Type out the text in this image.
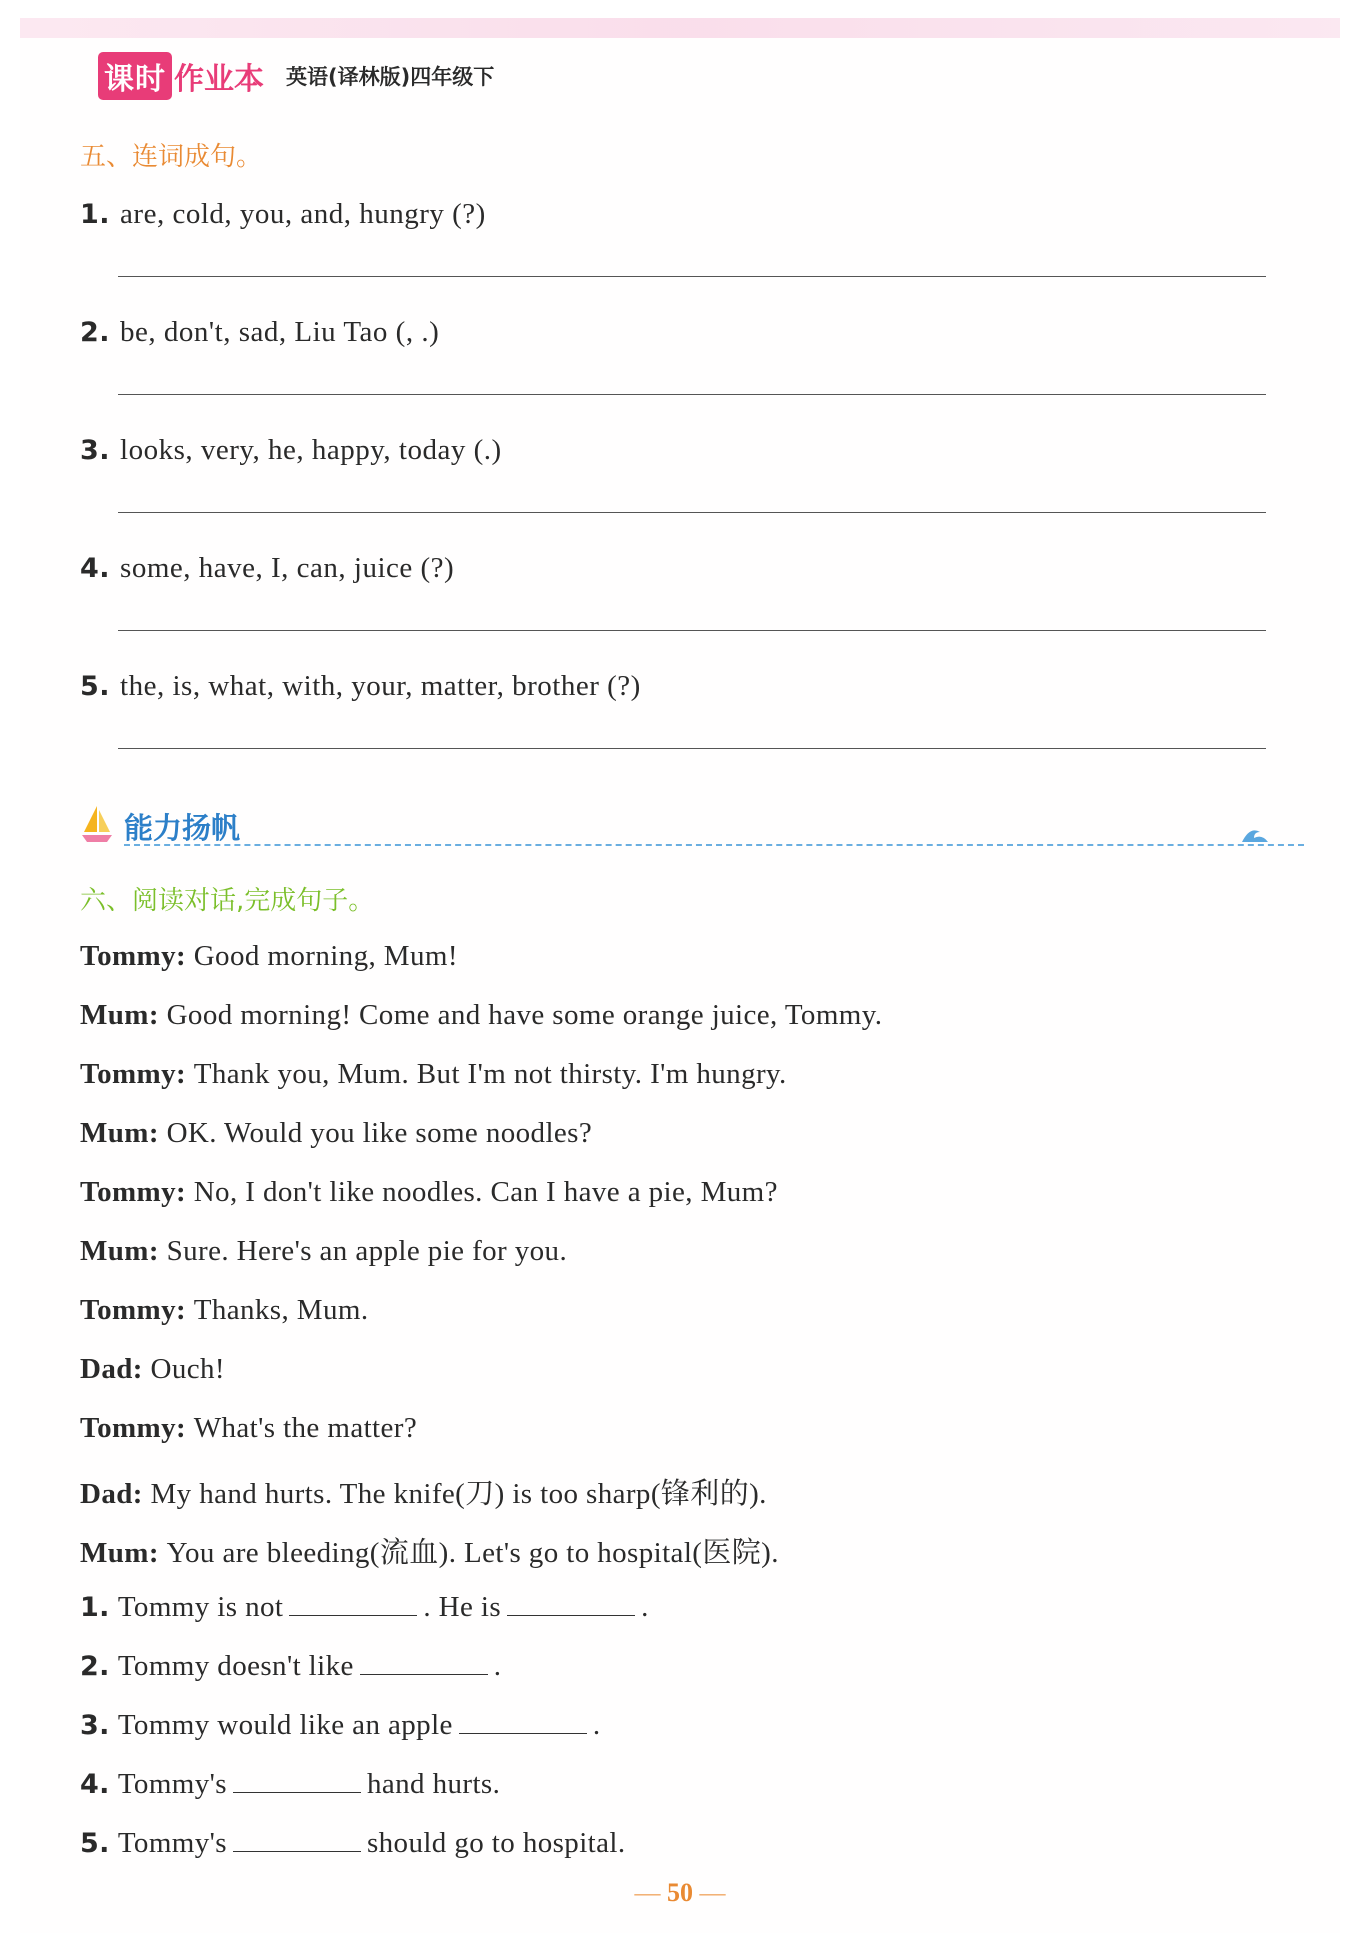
课时 作业本 英语(译林版)四年级下
五、连词成句。
1. are, cold, you, and, hungry (?)
2. be, don't, sad, Liu Tao (, .)
3. looks, very, he, happy, today (.)
4. some, have, I, can, juice (?)
5. the, is, what, with, your, matter, brother (?)
能力扬帆
六、阅读对话,完成句子。
Tommy: Good morning, Mum!
Mum: Good morning! Come and have some orange juice, Tommy.
Tommy: Thank you, Mum. But I'm not thirsty. I'm hungry.
Mum: OK. Would you like some noodles?
Tommy: No, I don't like noodles. Can I have a pie, Mum?
Mum: Sure. Here's an apple pie for you.
Tommy: Thanks, Mum.
Dad: Ouch!
Tommy: What's the matter?
Dad: My hand hurts. The knife(刀) is too sharp(锋利的).
Mum: You are bleeding(流血). Let's go to hospital(医院).
1. Tommy is not	. He is	.
2. Tommy doesn't like	.
3. Tommy would like an apple	.
4. Tommy's	hand hurts.
5. Tommy's	should go to hospital.
— 50 —
